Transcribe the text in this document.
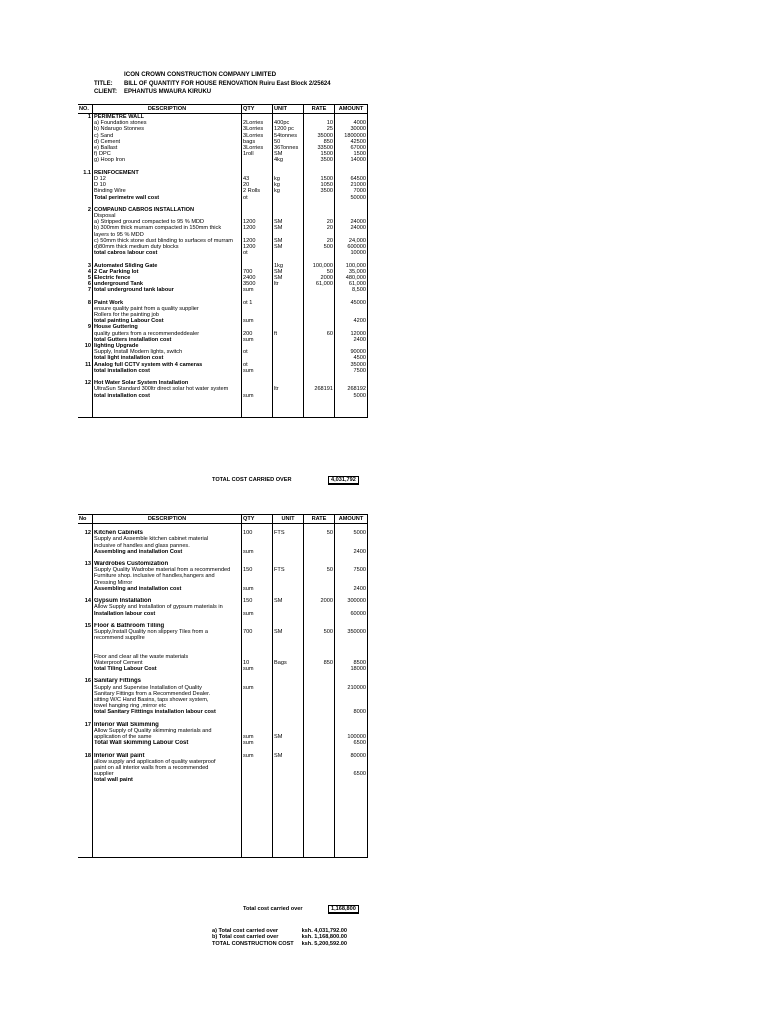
ICON CROWN CONSTRUCTION COMPANY LIMITED
TITLE: BILL OF QUANTITY FOR HOUSE RENOVATION Ruiru East Block 2/25624
CLIENT: EPHANTUS MWAURA KIRUKU
NO.	DESCRIPTION	QTY	UNIT	RATE	AMOUNT
1	PERIMETRE WALL				
	a) Foundation stones	2Lorries	400pc	10	4000
	b) Ndarugo Stonnes	3Lorries	1200 pc	25	30000
	c) Sand	3Lorries	54tonnes	35000	1800000
	d) Cement	bags	50	850	42500
	e) Ballast	3Lorries	36Tonnes	33500	67000
	f) DPC	1roll	SM	1500	1500
	g) Hoop Iron		4kg	3500	14000

1.1	REINFOCEMENT				
	D 12	43	kg	1500	64500
	D 10	20	kg	1050	21000
	Binding Wire	2 Rolls	kg	3500	7000
	Total perimetre wall cost	ot			50000

2	COMPAUND CABROS INSTALLATION				
	Disposal				
	a) Stripped ground compacted to 95 % MDD	1200	SM	20	24000
	b) 300mm thick murram compacted in 150mm thick	1200	SM	20	24000
	layers to 95 % MDD				
	c) 50mm thick stone dust blinding to surfaces of murram	1200	SM	20	24,000
	d)80mm thick medium duty blocks	1200	SM	500	600000
	total cabros labour cost	ot			10000

3	Automated Sliding Gate		1kg	100,000	100,000
4	2 Car Parking lot	700	SM	50	35,000
5	Electric fence	2400	SM	2000	480,000
6	underground Tank	3500	ltr	61,000	61,000
7	total underground tank labour	sum			8,500

8	Paint Work	ot 1			45000
	ensure quality paint from a quality supplier				
	Rollers for the painting job				
	total painting Labour Cost	sum			4200
9	House Guttering				
	quality gutters from a recommendeddealer	200	ft	60	12000
	total Gutters installation cost	sum			2400
10	lighting Upgrade				
	Supply, Install Modern lights, switch	ot			90000
	total light installation cost				4500
11	Analog full CCTV system with 4 cameras	ot			35000
	total installation cost	sum			7500

12	Hot Water Solar System Installation				
	UltraSun Standard 300ltr direct solar hot water system		ltr	268191	268192
	total installation cost	sum			5000

TOTAL COST CARRIED OVER	4,031,792
No	DESCRIPTION	QTY	UNIT	RATE	AMOUNT

12	Kitchen Cabinets	100	FTS	50	5000
	Supply and Assemble kitchen cabinet material				
	inclusive of handles and glass pannes.				
	Assembling and installation Cost	sum			2400

13	Wardrobes Customization				
	Supply Quality Wadrobe material from a recommended	150	FTS	50	7500
	Furniture shop. inclusive of handles,hangers and				
	Dressing Mirror				
	Assembling and installation cost	sum			2400

14	Gypsum Installation	150	SM	2000	300000
	Allow Supply and Installation of gypsum materials in				
	Installation labour cost	sum			60000

15	Floor & Bathroom Tilling				
	Supply,Install Quality non slippery Tiles from a	700	SM	500	350000
	recommend suppllre				

	Floor and clear all the waste materials				
	Waterproof Cement	10	Bags	850	8500
	total Tiling Labour Cost	sum			18000

16	Sanitary Fittings				
	Supply and Supervise Installation of Quality	sum			210000
	Sanitary Fittings from a Recommended Dealer.				
	sitting W/C Hand Basins, taps shower system,				
	towel hanging ring ,mirror etc				
	total Sanitary Fitttings installation labour cost				8000

17	Interior Wall Skimming				
	Allow Supply of Quality skimming materials and				
	application of the same	sum	SM		100000
	Total Wall skimming Labour Cost	sum			6500

18	Interior Wall paint	sum	SM		80000
	allow supply and application of quality waterproof				
	paint on all interior walls from a recommended				
	supplier				6500
	total wall paint				

Total cost carried over	1,168,800
a) Total cost carried over	ksh. 4,031,792.00
b) Total cost carried over	ksh. 1,168,800.00
TOTAL CONSTRUCTION COST ksh. 5,200,592.00
